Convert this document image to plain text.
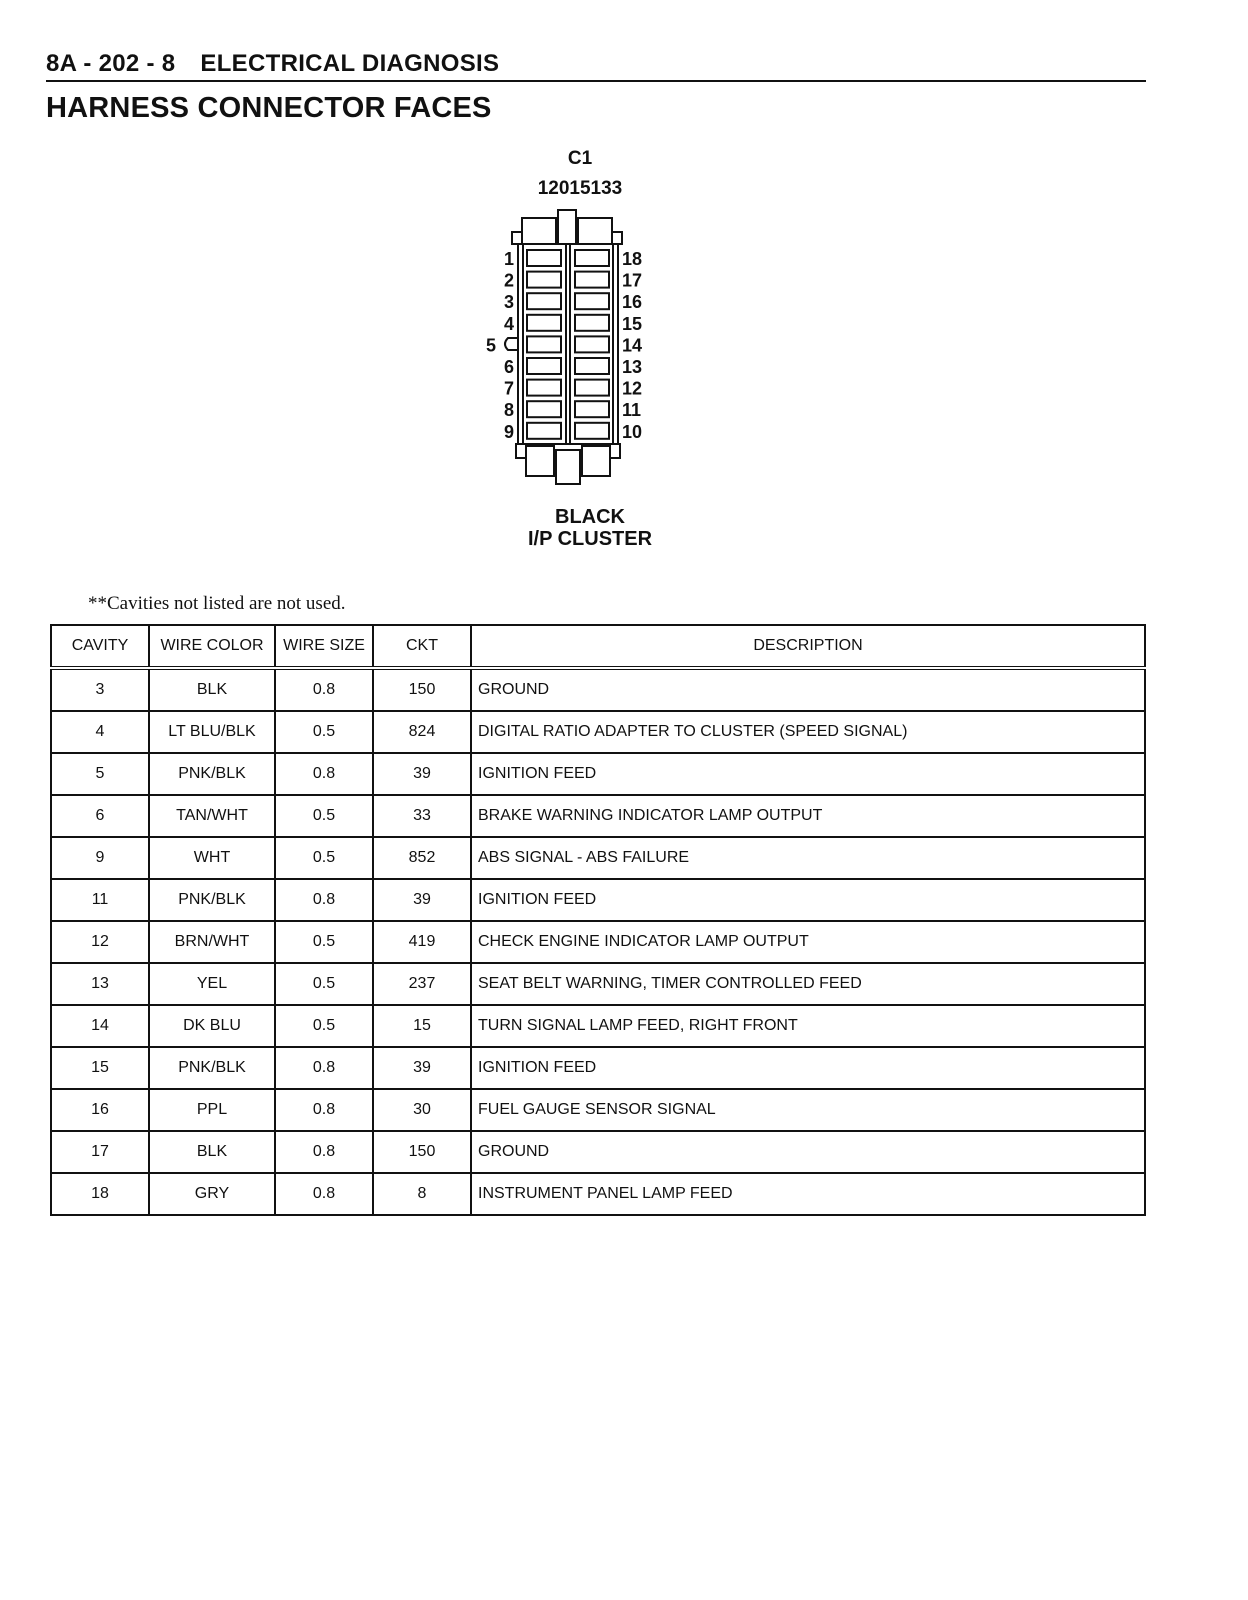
8A - 202 - 8 ELECTRICAL DIAGNOSIS
HARNESS CONNECTOR FACES
C1
12015133
1
2
3
4
5
6
7
8
9
18
17
16
15
14
13
12
11
10
BLACK
I/P CLUSTER
**Cavities not listed are not used.
CAVITY	WIRE COLOR	WIRE SIZE	CKT	DESCRIPTION
3	BLK	0.8	150	GROUND
4	LT BLU/BLK	0.5	824	DIGITAL RATIO ADAPTER TO CLUSTER (SPEED SIGNAL)
5	PNK/BLK	0.8	39	IGNITION FEED
6	TAN/WHT	0.5	33	BRAKE WARNING INDICATOR LAMP OUTPUT
9	WHT	0.5	852	ABS SIGNAL - ABS FAILURE
11	PNK/BLK	0.8	39	IGNITION FEED
12	BRN/WHT	0.5	419	CHECK ENGINE INDICATOR LAMP OUTPUT
13	YEL	0.5	237	SEAT BELT WARNING, TIMER CONTROLLED FEED
14	DK BLU	0.5	15	TURN SIGNAL LAMP FEED, RIGHT FRONT
15	PNK/BLK	0.8	39	IGNITION FEED
16	PPL	0.8	30	FUEL GAUGE SENSOR SIGNAL
17	BLK	0.8	150	GROUND
18	GRY	0.8	8	INSTRUMENT PANEL LAMP FEED
